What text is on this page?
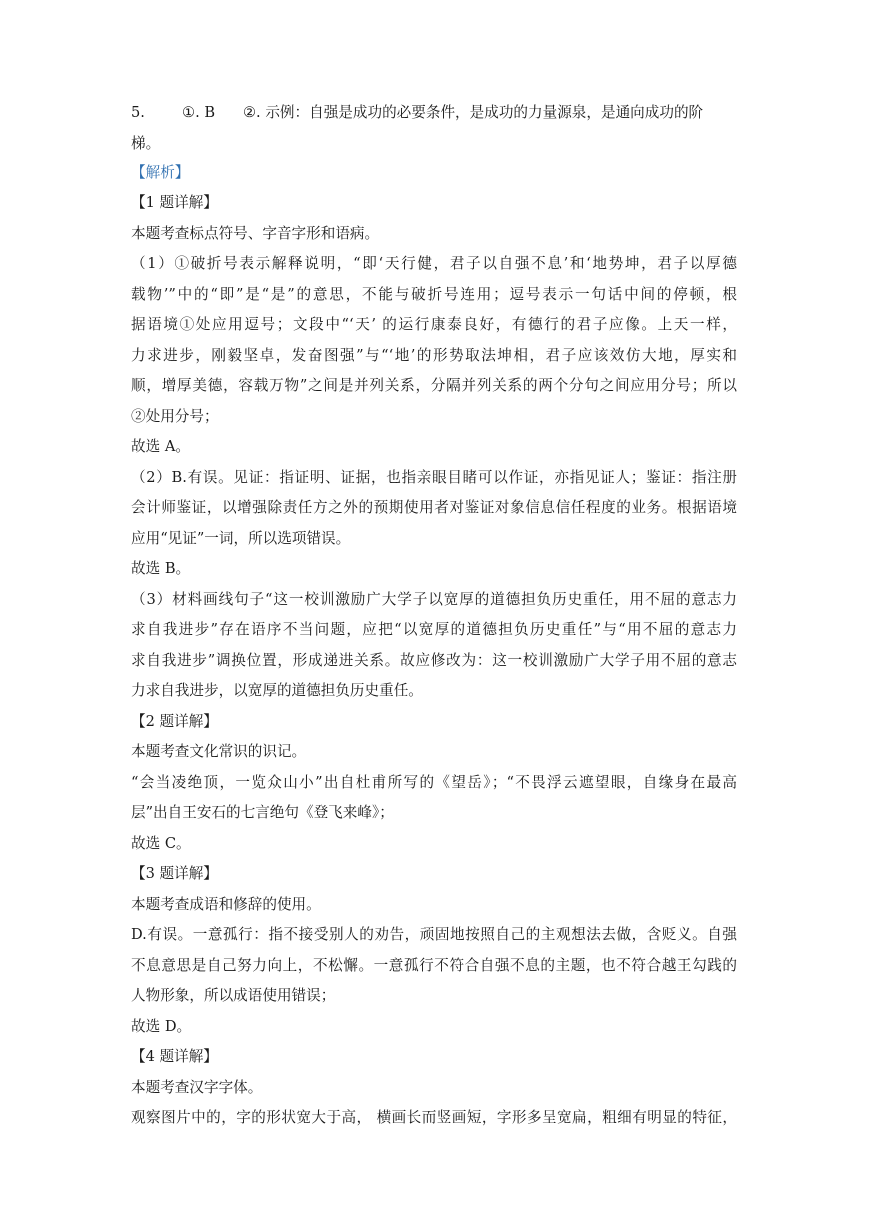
5.        ①. B      ②. 示例：自强是成功的必要条件，是成功的力量源泉，是通向成功的阶
梯。
【解析】
【1 题详解】
本题考查标点符号、字音字形和语病。
（1）①破折号表示解释说明，“即‘天行健，君子以自强不息’和‘地势坤，君子以厚德
载物’”中的“即”是“是”的意思，不能与破折号连用；逗号表示一句话中间的停顿，根
据语境①处应用逗号；文段中“‘天’ 的运行康泰良好，有德行的君子应像。上天一样，
力求进步，刚毅坚卓，发奋图强”与“‘地’的形势取法坤相，君子应该效仿大地，厚实和
顺，增厚美德，容载万物”之间是并列关系，分隔并列关系的两个分句之间应用分号；所以
②处用分号；
故选 A。
（2）B.有误。见证：指证明、证据，也指亲眼目睹可以作证，亦指见证人；鉴证：指注册
会计师鉴证，以增强除责任方之外的预期使用者对鉴证对象信息信任程度的业务。根据语境
应用“见证”一词，所以选项错误。
故选 B。
（3）材料画线句子“这一校训激励广大学子以宽厚的道德担负历史重任，用不屈的意志力
求自我进步”存在语序不当问题，应把“以宽厚的道德担负历史重任”与“用不屈的意志力
求自我进步”调换位置，形成递进关系。故应修改为：这一校训激励广大学子用不屈的意志
力求自我进步，以宽厚的道德担负历史重任。
【2 题详解】
本题考查文化常识的识记。
“会当凌绝顶，一览众山小”出自杜甫所写的《望岳》；“不畏浮云遮望眼，自缘身在最高
层”出自王安石的七言绝句《登飞来峰》；
故选 C。
【3 题详解】
本题考查成语和修辞的使用。
D.有误。一意孤行：指不接受别人的劝告，顽固地按照自己的主观想法去做，含贬义。自强
不息意思是自己努力向上，不松懈。一意孤行不符合自强不息的主题，也不符合越王勾践的
人物形象，所以成语使用错误；
故选 D。
【4 题详解】
本题考查汉字字体。
观察图片中的，字的形状宽大于高， 横画长而竖画短，字形多呈宽扁，粗细有明显的特征，
